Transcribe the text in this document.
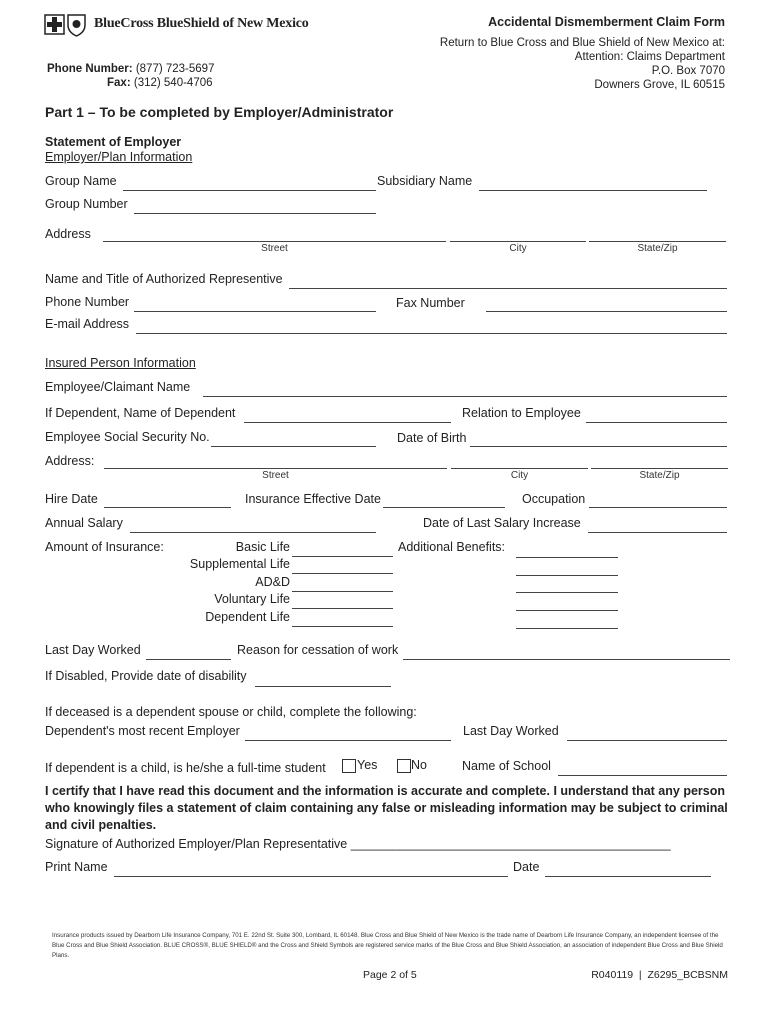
BlueCross BlueShield of New Mexico	Accidental Dismemberment Claim Form
Return to Blue Cross and Blue Shield of New Mexico at:
Attention: Claims Department
P.O. Box 7070
Downers Grove, IL 60515
Phone Number: (877) 723-5697
Fax: (312) 540-4706
Part 1 – To be completed by Employer/Administrator
Statement of Employer
Employer/Plan Information
Group Name	Subsidiary Name
Group Number
Address
Street	City	State/Zip
Name and Title of Authorized Representive
Phone Number	Fax Number
E-mail Address
Insured Person Information
Employee/Claimant Name
If Dependent, Name of Dependent	Relation to Employee
Employee Social Security No.	Date of Birth
Address:
Street	City	State/Zip
Hire Date	Insurance Effective Date	Occupation
Annual Salary	Date of Last Salary Increase
Amount of Insurance:	Basic Life
Supplemental Life
AD&D
Voluntary Life
Dependent Life
Additional Benefits:
Last Day Worked	Reason for cessation of work
If Disabled, Provide date of disability
If deceased is a dependent spouse or child, complete the following:
Dependent's most recent Employer	Last Day Worked
If dependent is a child, is he/she a full-time student	Yes	No	Name of School
I certify that I have read this document and the information is accurate and complete. I understand that any person who knowingly files a statement of claim containing any false or misleading information may be subject to criminal and civil penalties.
Signature of Authorized Employer/Plan Representative ______________________________________________
Print Name	Date
Insurance products issued by Dearborn Life Insurance Company, 701 E. 22nd St. Suite 300, Lombard, IL 60148. Blue Cross and Blue Shield of New Mexico is the trade name of Dearborn Life Insurance Company, an independent licensee of the Blue Cross and Blue Shield Association. BLUE CROSS®, BLUE SHIELD® and the Cross and Shield Symbols are registered service marks of the Blue Cross and Blue Shield Association, an association of independent Blue Cross and Blue Shield Plans.
Page 2 of 5	R040119  |  Z6295_BCBSNM
